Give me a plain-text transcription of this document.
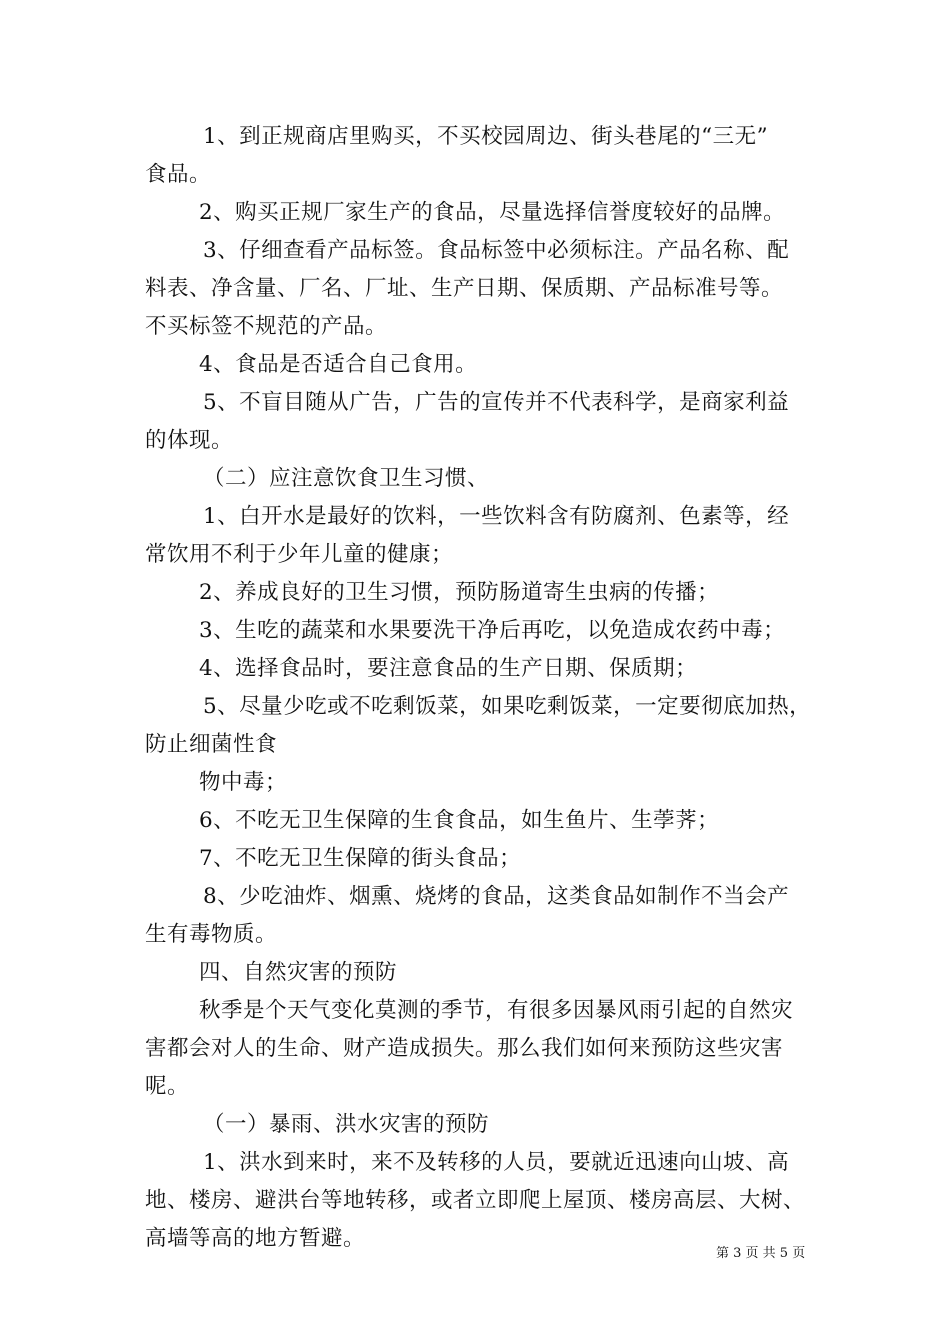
1、到正规商店里购买，不买校园周边、街头巷尾的“三无”
食品。
2、购买正规厂家生产的食品，尽量选择信誉度较好的品牌。
3、仔细查看产品标签。食品标签中必须标注。产品名称、配
料表、净含量、厂名、厂址、生产日期、保质期、产品标准号等。
不买标签不规范的产品。
4、食品是否适合自己食用。
5、不盲目随从广告，广告的宣传并不代表科学，是商家利益
的体现。
（二）应注意饮食卫生习惯、
1、白开水是最好的饮料，一些饮料含有防腐剂、色素等，经
常饮用不利于少年儿童的健康；
2、养成良好的卫生习惯，预防肠道寄生虫病的传播；
3、生吃的蔬菜和水果要洗干净后再吃，以免造成农药中毒；
4、选择食品时，要注意食品的生产日期、保质期；
5、尽量少吃或不吃剩饭菜，如果吃剩饭菜，一定要彻底加热，
防止细菌性食
物中毒；
6、不吃无卫生保障的生食食品，如生鱼片、生荸荠；
7、不吃无卫生保障的街头食品；
8、少吃油炸、烟熏、烧烤的食品，这类食品如制作不当会产
生有毒物质。
四、自然灾害的预防
秋季是个天气变化莫测的季节，有很多因暴风雨引起的自然灾
害都会对人的生命、财产造成损失。那么我们如何来预防这些灾害
呢。
（一）暴雨、洪水灾害的预防
1、洪水到来时，来不及转移的人员，要就近迅速向山坡、高
地、楼房、避洪台等地转移，或者立即爬上屋顶、楼房高层、大树、
高墙等高的地方暂避。
第 3 页 共 5 页
